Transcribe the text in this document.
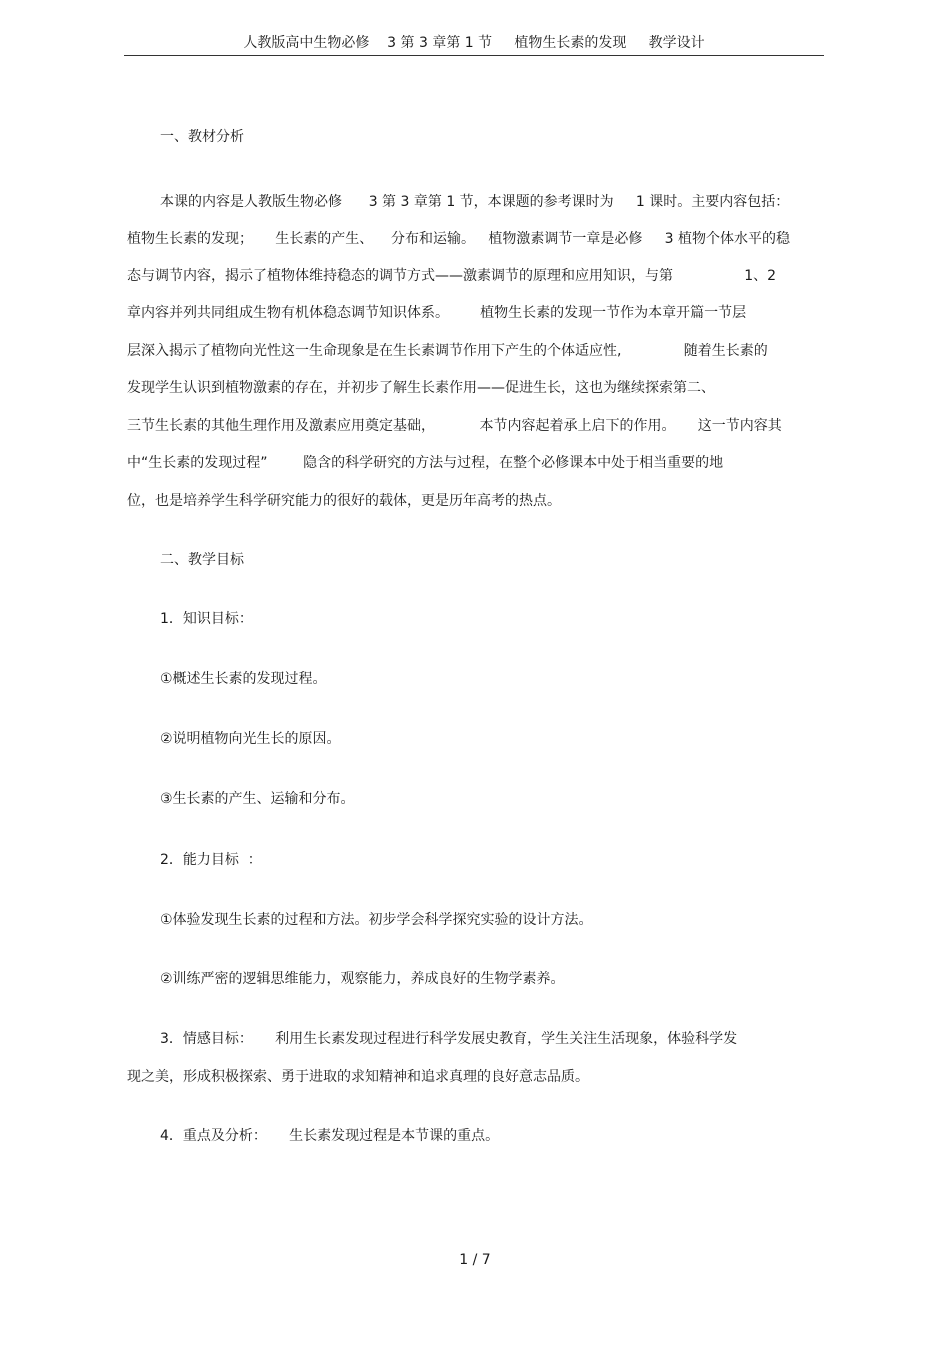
人教版高中生物必修    3 第 3 章第 1 节     植物生长素的发现     教学设计
一、教材分析
本课的内容是人教版生物必修      3 第 3 章第 1 节，本课题的参考课时为     1 课时。主要内容包括：
植物生长素的发现；     生长素的产生、    分布和运输。   植物激素调节一章是必修     3 植物个体水平的稳
态与调节内容，揭示了植物体维持稳态的调节方式——激素调节的原理和应用知识，与第                1、2
章内容并列共同组成生物有机体稳态调节知识体系。       植物生长素的发现一节作为本章开篇一节层
层深入揭示了植物向光性这一生命现象是在生长素调节作用下产生的个体适应性,              随着生长素的
发现学生认识到植物激素的存在，并初步了解生长素作用——促进生长，这也为继续探索第二、
三节生长素的其他生理作用及激素应用奠定基础，          本节内容起着承上启下的作用。     这一节内容其
中“生长素的发现过程”        隐含的科学研究的方法与过程，在整个必修课本中处于相当重要的地
位，也是培养学生科学研究能力的很好的载体，更是历年高考的热点。
二、教学目标
1．知识目标：
①概述生长素的发现过程。
②说明植物向光生长的原因。
③生长素的产生、运输和分布。
2．能力目标  ：
①体验发现生长素的过程和方法。初步学会科学探究实验的设计方法。
②训练严密的逻辑思维能力，观察能力，养成良好的生物学素养。
3．情感目标：     利用生长素发现过程进行科学发展史教育，学生关注生活现象，体验科学发
现之美，形成积极探索、勇于进取的求知精神和追求真理的良好意志品质。
4．重点及分析：     生长素发现过程是本节课的重点。
1 / 7
